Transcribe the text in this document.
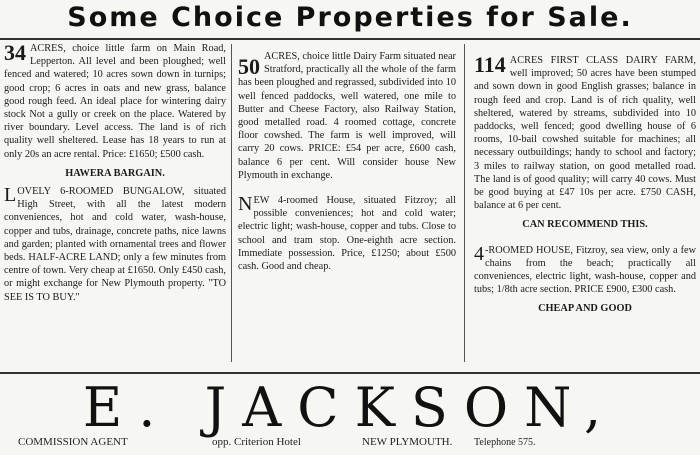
Some Choice Properties for Sale.

34 ACRES, choice little farm on Main Road, Lepperton. All level and been ploughed; well fenced and watered; 10 acres sown down in turnips; good crop; 6 acres in oats and new grass, balance good rough feed. An ideal place for wintering dairy stock Not a gully or creek on the place. Watered by river boundary. Level access. The land is of rich quality well sheltered. Lease has 18 years to run at only 20s an acre rental. Price: £1650; £500 cash.

HAWERA BARGAIN.

L OVELY 6-ROOMED BUNGALOW, situated High Street, with all the latest modern conveniences, hot and cold water, wash-house, copper and tubs, drainage, concrete paths, nice lawns and garden; planted with ornamental trees and flower beds. HALF-ACRE LAND; only a few minutes from centre of town. Very cheap at £1650. Only £450 cash, or might exchange for New Plymouth property. "TO SEE IS TO BUY."

50 ACRES, choice little Dairy Farm situated near Stratford, practically all the whole of the farm has been ploughed and regrassed, subdivided into 10 well fenced paddocks, well watered, one mile to Butter and Cheese Factory, also Railway Station, good metalled road. 4 roomed cottage, concrete floor cowshed. The farm is well improved, will carry 20 cows. PRICE: £54 per acre, £600 cash, balance 6 per cent. Will consider house New Plymouth in exchange.

N EW 4-roomed House, situated Fitzroy; all possible conveniences; hot and cold water; electric light; wash-house, copper and tubs. Close to school and tram stop. One-eighth acre section. Immediate possession. Price, £1250; about £500 cash. Good and cheap.

114 ACRES FIRST CLASS DAIRY FARM, well improved; 50 acres have been stumped and sown down in good English grasses; balance in rough feed and crop. Land is of rich quality, well sheltered, watered by streams, subdivided into 10 paddocks, well fenced; good dwelling house of 6 rooms, 10-bail cowshed suitable for machines; all necessary outbuildings; handy to school and factory; 3 miles to railway station, on good metalled road. The land is of good quality; will carry 40 cows. Must be good buying at £47 10s per acre. £750 CASH, balance at 6 per cent.

CAN RECOMMEND THIS.

4 -ROOMED HOUSE, Fitzroy, sea view, only a few chains from the beach; practically all conveniences, electric light, wash-house, copper and tubs; 1/8th acre section. PRICE £900, £300 cash.

CHEAP AND GOOD
E. JACKSON,
COMMISSION AGENT	opp. Criterion Hotel	NEW PLYMOUTH. Telephone 575.
